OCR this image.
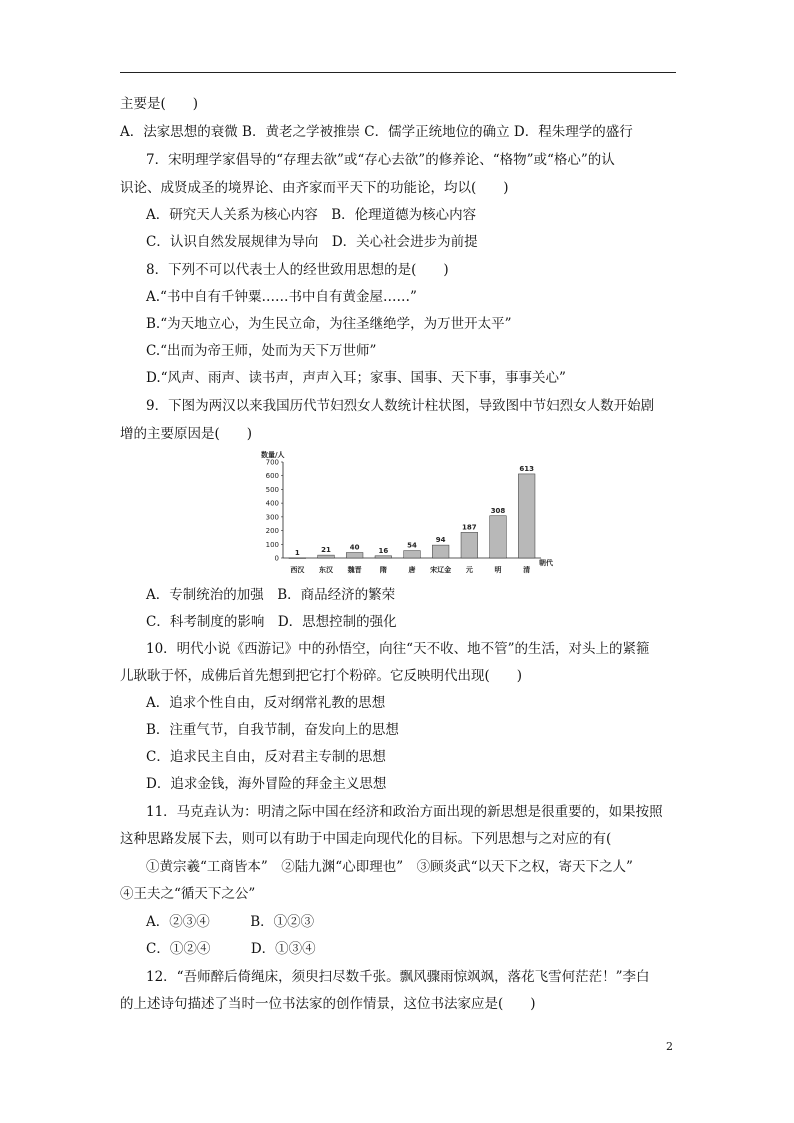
主要是(　　)
A．法家思想的衰微 B．黄老之学被推崇 C．儒学正统地位的确立 D．程朱理学的盛行
7．宋明理学家倡导的“存理去欲”或“存心去欲”的修养论、“格物”或“格心”的认
识论、成贤成圣的境界论、由齐家而平天下的功能论，均以(　　)
A．研究天人关系为核心内容　B．伦理道德为核心内容
C．认识自然发展规律为导向　D．关心社会进步为前提
8．下列不可以代表士人的经世致用思想的是(　　)
A.“书中自有千钟粟……书中自有黄金屋……”
B.“为天地立心，为生民立命，为往圣继绝学，为万世开太平”
C.“出而为帝王师，处而为天下万世师”
D.“风声、雨声、读书声，声声入耳；家事、国事、天下事，事事关心”
9．下图为两汉以来我国历代节妇烈女人数统计柱状图，导致图中节妇烈女人数开始剧
增的主要原因是(　　)
数量/人
朝代
0
100
200
300
400
500
600
700
1
西汉
21
东汉
40
魏晋
16
隋
54
唐
94
宋辽金
187
元
308
明
613
清
A．专制统治的加强　B．商品经济的繁荣
C．科考制度的影响　D．思想控制的强化
10．明代小说《西游记》中的孙悟空，向往“天不收、地不管”的生活，对头上的紧箍
儿耿耿于怀，成佛后首先想到把它打个粉碎。它反映明代出现(　　)
A．追求个性自由，反对纲常礼教的思想
B．注重气节，自我节制，奋发向上的思想
C．追求民主自由，反对君主专制的思想
D．追求金钱，海外冒险的拜金主义思想
11．马克垚认为：明清之际中国在经济和政治方面出现的新思想是很重要的，如果按照
这种思路发展下去，则可以有助于中国走向现代化的目标。下列思想与之对应的有(
①黄宗羲“工商皆本”　②陆九渊“心即理也”　③顾炎武“以天下之权，寄天下之人”
④王夫之“循天下之公”
A．②③④　　　B．①②③
C．①②④　　　D．①③④
12．“吾师醉后倚绳床，须臾扫尽数千张。飘风骤雨惊飒飒，落花飞雪何茫茫！”李白
的上述诗句描述了当时一位书法家的创作情景，这位书法家应是(　　)
2
